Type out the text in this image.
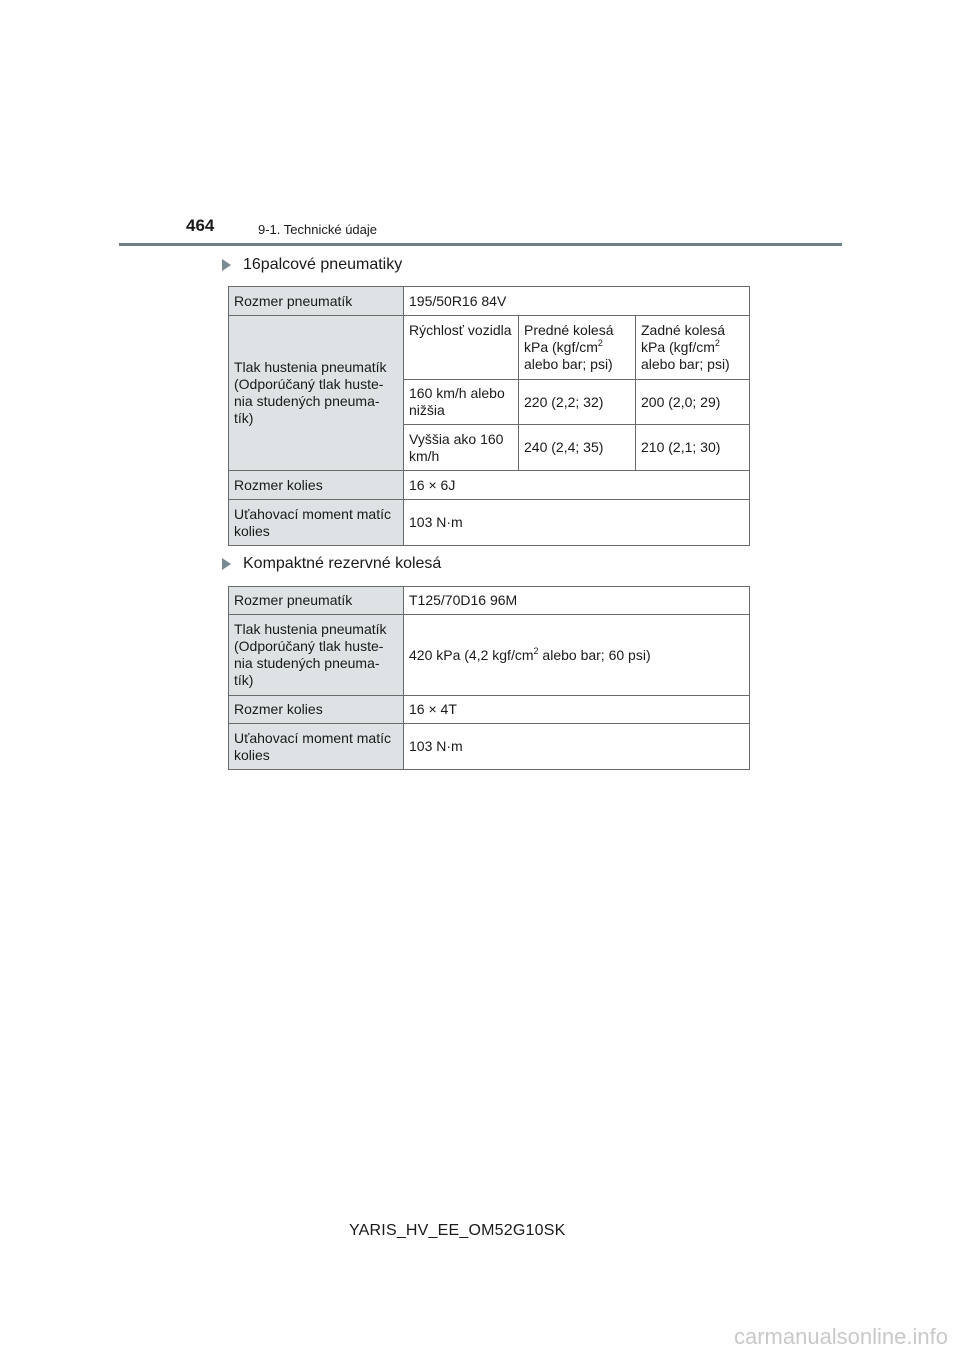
464	9-1. Technické údaje
16palcové pneumatiky
Rozmer pneumatík	195/50R16 84V		
Tlak hustenia pneumatík (Odporúčaný tlak huste-nia studených pneuma-tík)	Rýchlosť vozidla	Predné kolesá kPa ($kgf/cm^2$ alebo bar; psi)	Zadné kolesá kPa ($kgf/cm^2$ alebo bar; psi)
	160 km/h alebo nižšia	220 (2,2; 32)	200 (2,0; 29)
	Vyššia ako 160 km/h	240 (2,4; 35)	210 (2,1; 30)
Rozmer kolies	16 × 6J		
Uťahovací moment matíc kolies	103 N·m		
Kompaktné rezervné kolesá
Rozmer pneumatík	T125/70D16 96M
Tlak hustenia pneumatík (Odporúčaný tlak huste-nia studených pneuma-tík)	420 kPa (4,2 kgf/$cm^2$ alebo bar; 60 psi)
Rozmer kolies	16 × 4T
Uťahovací moment matíc kolies	103 N·m
YARIS_HV_EE_OM52G10SK
carmanualsonline.info
